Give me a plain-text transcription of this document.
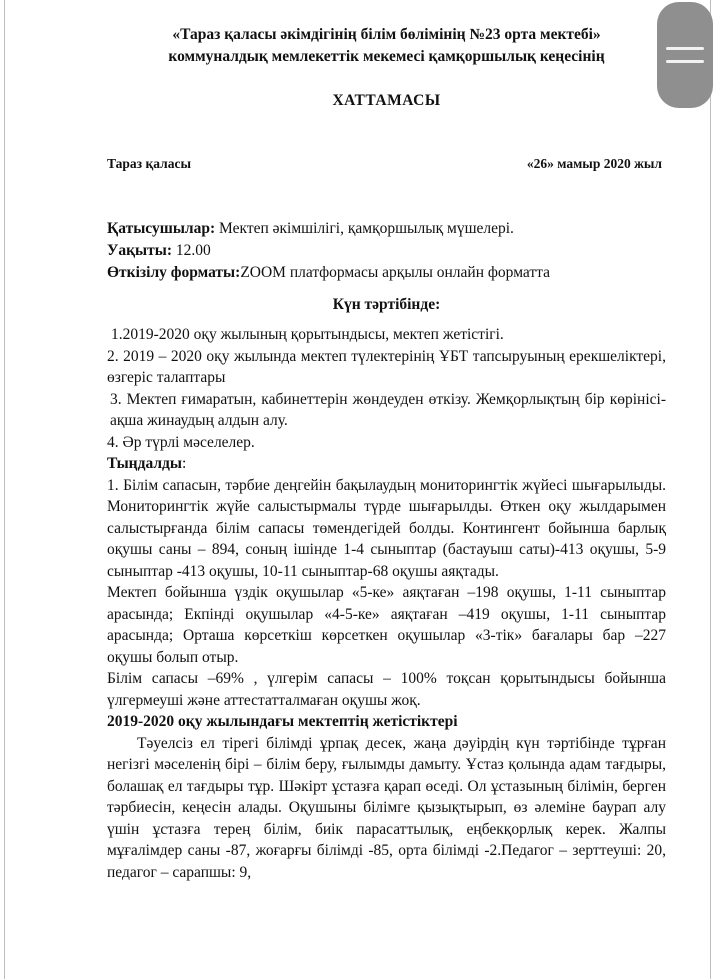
«Тараз қаласы әкімдігінің білім бөлімінің №23 орта мектебі»
коммуналдық мемлекеттік мекемесі қамқоршылық кеңесінің
ХАТТАМАСЫ
Тараз қаласы	«26» мамыр 2020 жыл
Қатысушылар: Мектеп әкімшілігі, қамқоршылық мүшелері.
Уақыты: 12.00
Өткізілу форматы:ZOOM платформасы арқылы онлайн форматта
Күн тәртібінде:

1.2019-2020 оқу жылының қорытындысы, мектеп жетістігі.

2. 2019 – 2020 оқу жылында мектеп түлектерінің ҰБТ тапсыруының ерекшеліктері, өзгеріс талаптары

3. Мектеп ғимаратын, кабинеттерін жөндеуден өткізу. Жемқорлықтың бір көрінісі-ақша жинаудың алдын алу.

4. Әр түрлі мәселелер.

Тыңдалды:

1. Білім сапасын, тәрбие деңгейін бақылаудың мониторингтік жүйесі шығарылыды. Мониторингтік жүйе салыстырмалы түрде шығарылды. Өткен оқу жылдарымен салыстырғанда білім сапасы төмендегідей болды. Контингент бойынша барлық оқушы саны – 894, соның ішінде 1-4 сыныптар (бастауыш саты)-413 оқушы, 5-9 сыныптар -413 оқушы, 10-11 сыныптар-68 оқушы аяқтады.

Мектеп бойынша үздік оқушылар «5-ке» аяқтаған –198 оқушы, 1-11 сыныптар арасында; Екпінді оқушылар «4-5-ке» аяқтаған –419 оқушы, 1-11 сыныптар арасында; Орташа көрсеткіш көрсеткен оқушылар «3-тік» бағалары бар –227 оқушы болып отыр.

Білім сапасы –69% , үлгерім сапасы – 100% тоқсан қорытындысы бойынша үлгермеуші және аттестатталмаған оқушы жоқ.

2019-2020 оқу жылындағы мектептің жетістіктері

Тәуелсіз ел тірегі білімді ұрпақ десек, жаңа дәуірдің күн тәртібінде тұрған негізгі мәселенің бірі – білім беру, ғылымды дамыту. Ұстаз қолында адам тағдыры, болашақ ел тағдыры тұр. Шәкірт ұстазға қарап өседі. Ол ұстазының білімін, берген тәрбиесін, кеңесін алады. Оқушыны білімге қызықтырып, өз әлеміне баурап алу үшін ұстазға терең білім, биік парасаттылық, еңбекқорлық керек. Жалпы мұғалімдер саны -87, жоғарғы білімді -85, орта білімді -2.Педагог – зерттеуші: 20, педагог – сарапшы: 9,
